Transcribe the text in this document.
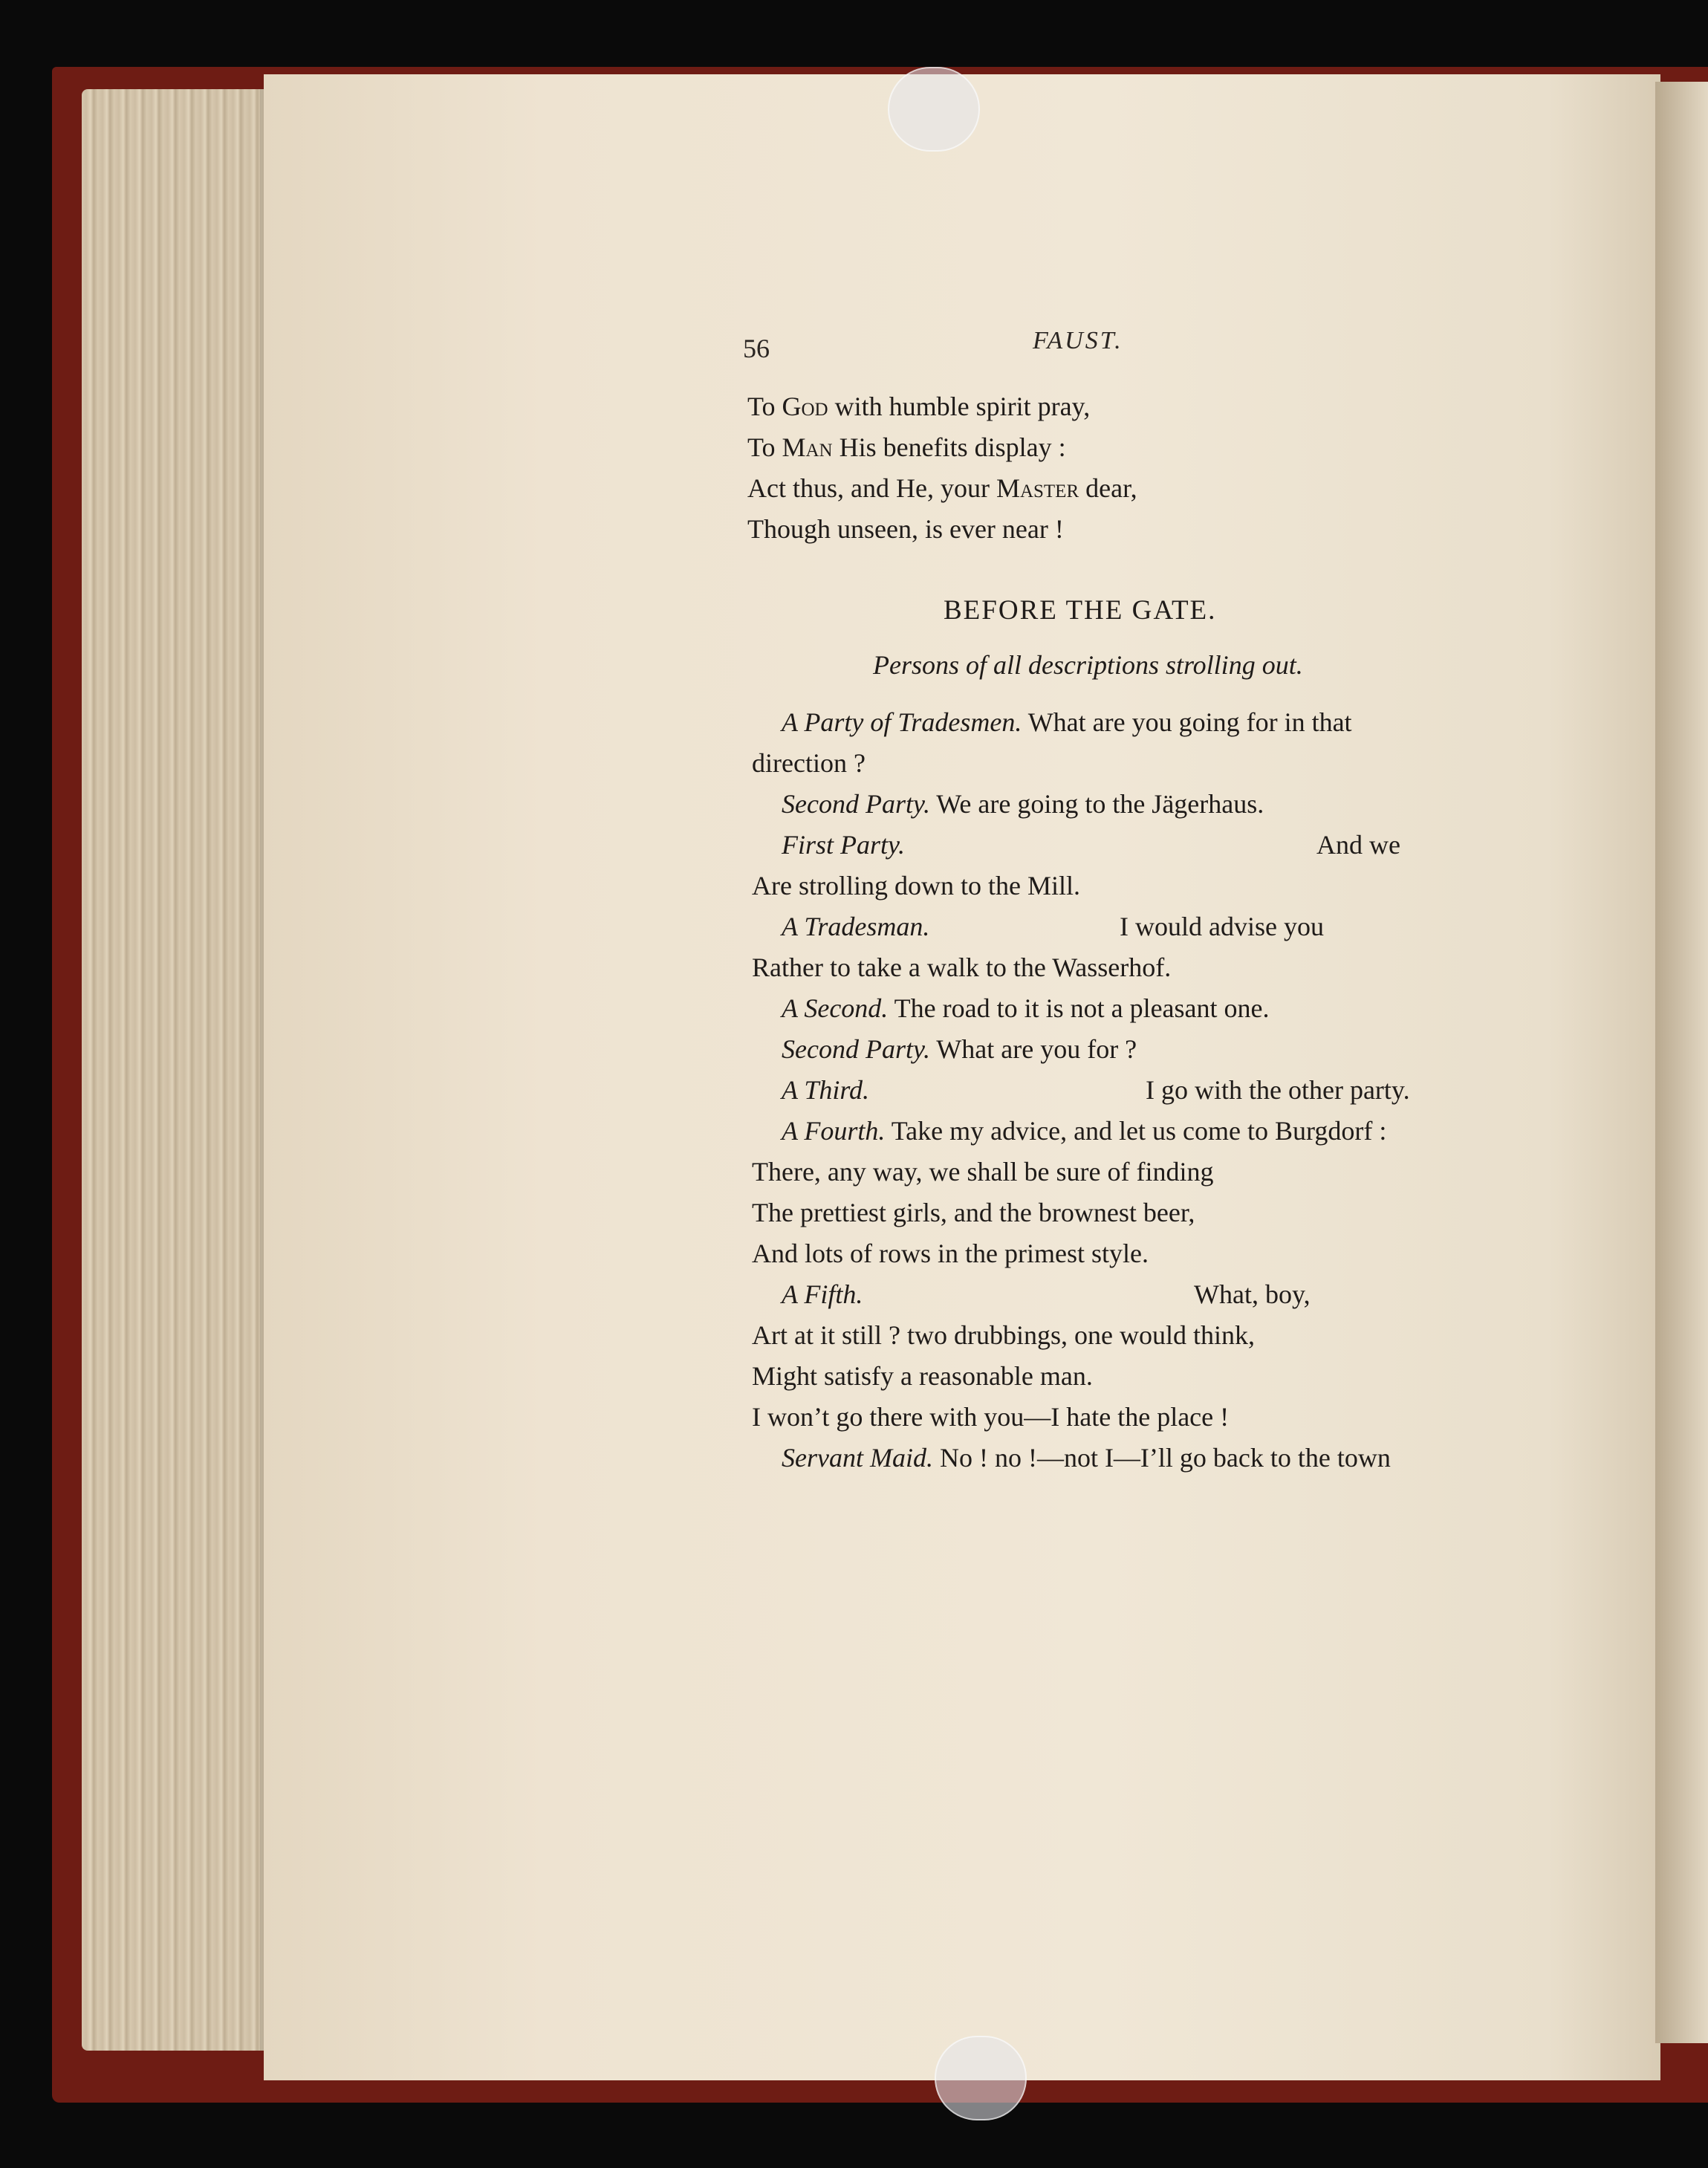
56	FAUST.
To God with humble spirit pray,
To Man His benefits display :
Act thus, and He, your Master dear,
Though unseen, is ever near !
BEFORE THE GATE.
Persons of all descriptions strolling out.
A Party of Tradesmen. What are you going for in that
direction ?
Second Party. We are going to the Jägerhaus.
First Party.	And we
Are strolling down to the Mill.
A Tradesman.	I would advise you
Rather to take a walk to the Wasserhof.
A Second. The road to it is not a pleasant one.
Second Party. What are you for ?
A Third.	I go with the other party.
A Fourth. Take my advice, and let us come to Burgdorf :
There, any way, we shall be sure of finding
The prettiest girls, and the brownest beer,
And lots of rows in the primest style.
A Fifth.	What, boy,
Art at it still ? two drubbings, one would think,
Might satisfy a reasonable man.
I won’t go there with you—I hate the place !
Servant Maid. No ! no !—not I—I’ll go back to the town
